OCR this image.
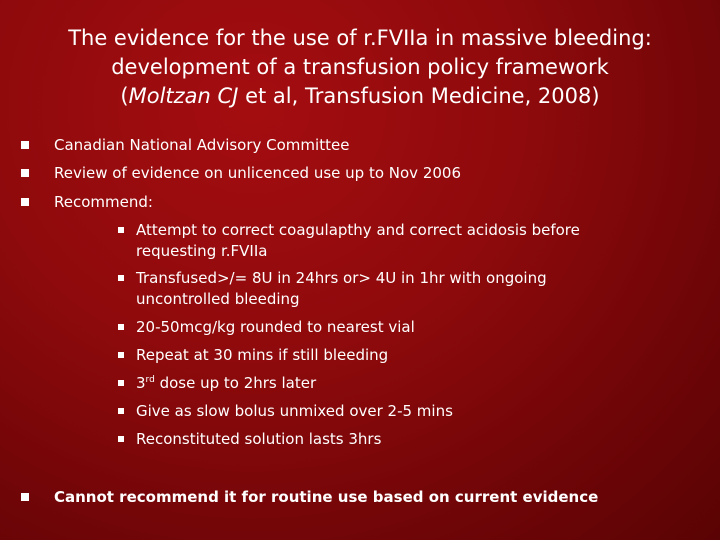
The evidence for the use of r.FVIIa in massive bleeding:
development of a transfusion policy framework
(Moltzan CJ et al, Transfusion Medicine, 2008)
Canadian National Advisory Committee
Review of evidence on unlicenced use up to Nov 2006
Recommend:
Attempt to correct coagulapthy and correct acidosis before requesting r.FVIIa
Transfused>/= 8U in 24hrs or> 4U in 1hr with ongoing uncontrolled bleeding
20-50mcg/kg rounded to nearest vial
Repeat at 30 mins if still bleeding
3rd dose up to 2hrs later
Give as slow bolus unmixed over 2-5 mins
Reconstituted solution lasts 3hrs
Cannot recommend it for routine use based on current evidence
